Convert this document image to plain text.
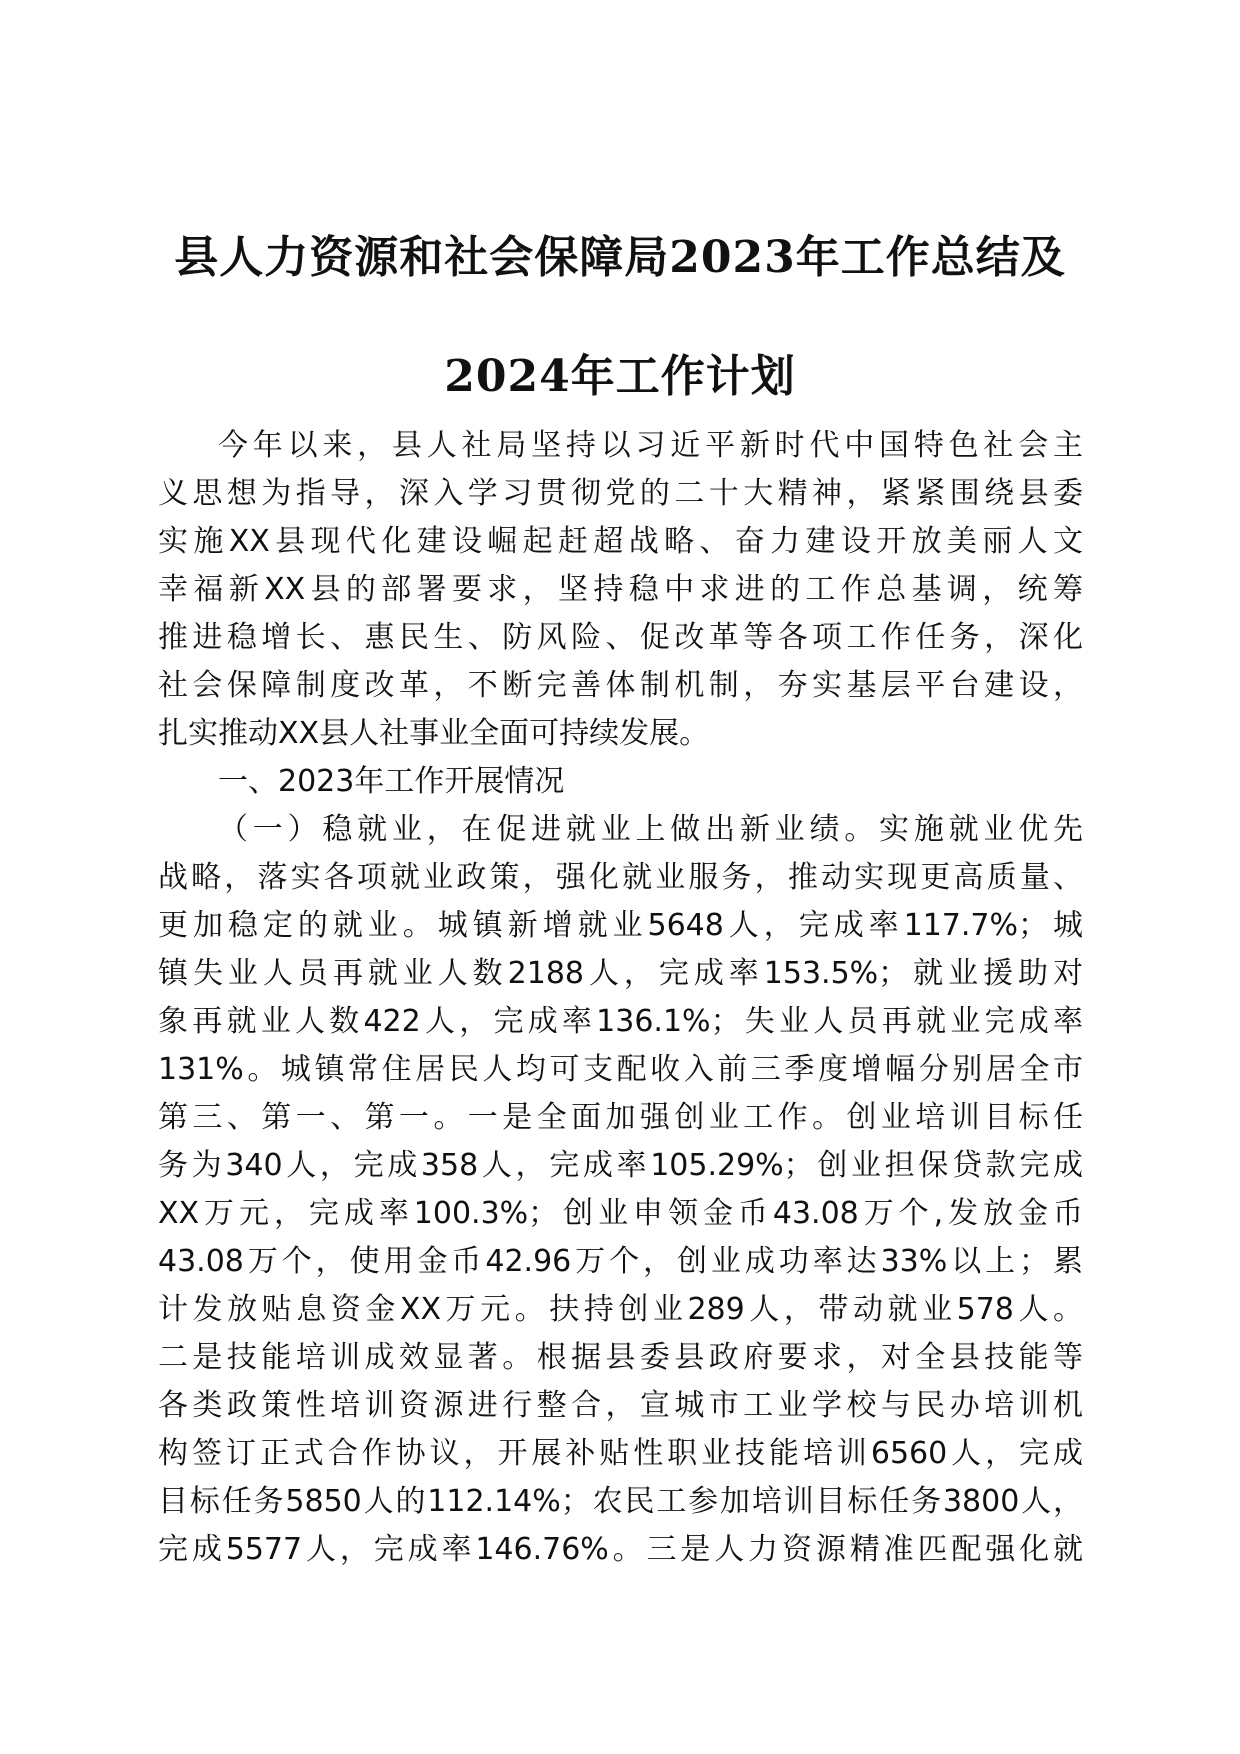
县人力资源和社会保障局2023年工作总结及
2024年工作计划
今年以来，县人社局坚持以习近平新时代中国特色社会主
义思想为指导，深入学习贯彻党的二十大精神，紧紧围绕县委
实施XX县现代化建设崛起赶超战略、奋力建设开放美丽人文
幸福新XX县的部署要求，坚持稳中求进的工作总基调，统筹
推进稳增长、惠民生、防风险、促改革等各项工作任务，深化
社会保障制度改革，不断完善体制机制，夯实基层平台建设，
扎实推动XX县人社事业全面可持续发展。
一、2023年工作开展情况
（一）稳就业，在促进就业上做出新业绩。实施就业优先
战略，落实各项就业政策，强化就业服务，推动实现更高质量、
更加稳定的就业。城镇新增就业5648人，完成率117.7%；城
镇失业人员再就业人数2188人，完成率153.5%；就业援助对
象再就业人数422人，完成率136.1%；失业人员再就业完成率
131%。城镇常住居民人均可支配收入前三季度增幅分别居全市
第三、第一、第一。一是全面加强创业工作。创业培训目标任
务为340人，完成358人，完成率105.29%；创业担保贷款完成
XX万元，完成率100.3%；创业申领金币43.08万个,发放金币
43.08万个，使用金币42.96万个，创业成功率达33%以上；累
计发放贴息资金XX万元。扶持创业289人，带动就业578人。
二是技能培训成效显著。根据县委县政府要求，对全县技能等
各类政策性培训资源进行整合，宣城市工业学校与民办培训机
构签订正式合作协议，开展补贴性职业技能培训6560人，完成
目标任务5850人的112.14%；农民工参加培训目标任务3800人，
完成5577人，完成率146.76%。三是人力资源精准匹配强化就
